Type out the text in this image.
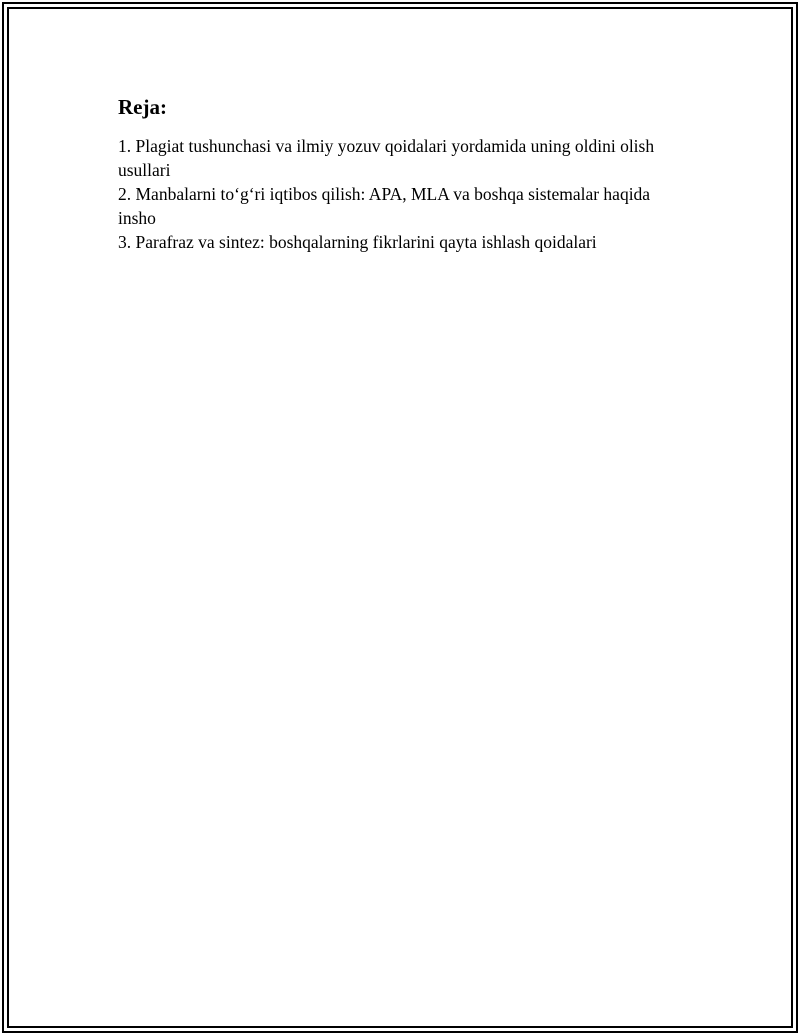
Reja:
1. Plagiat tushunchasi va ilmiy yozuv qoidalari yordamida uning oldini olish usullari
2. Manbalarni to‘g‘ri iqtibos qilish: APA, MLA va boshqa sistemalar haqida insho
3. Parafraz va sintez: boshqalarning fikrlarini qayta ishlash qoidalari
